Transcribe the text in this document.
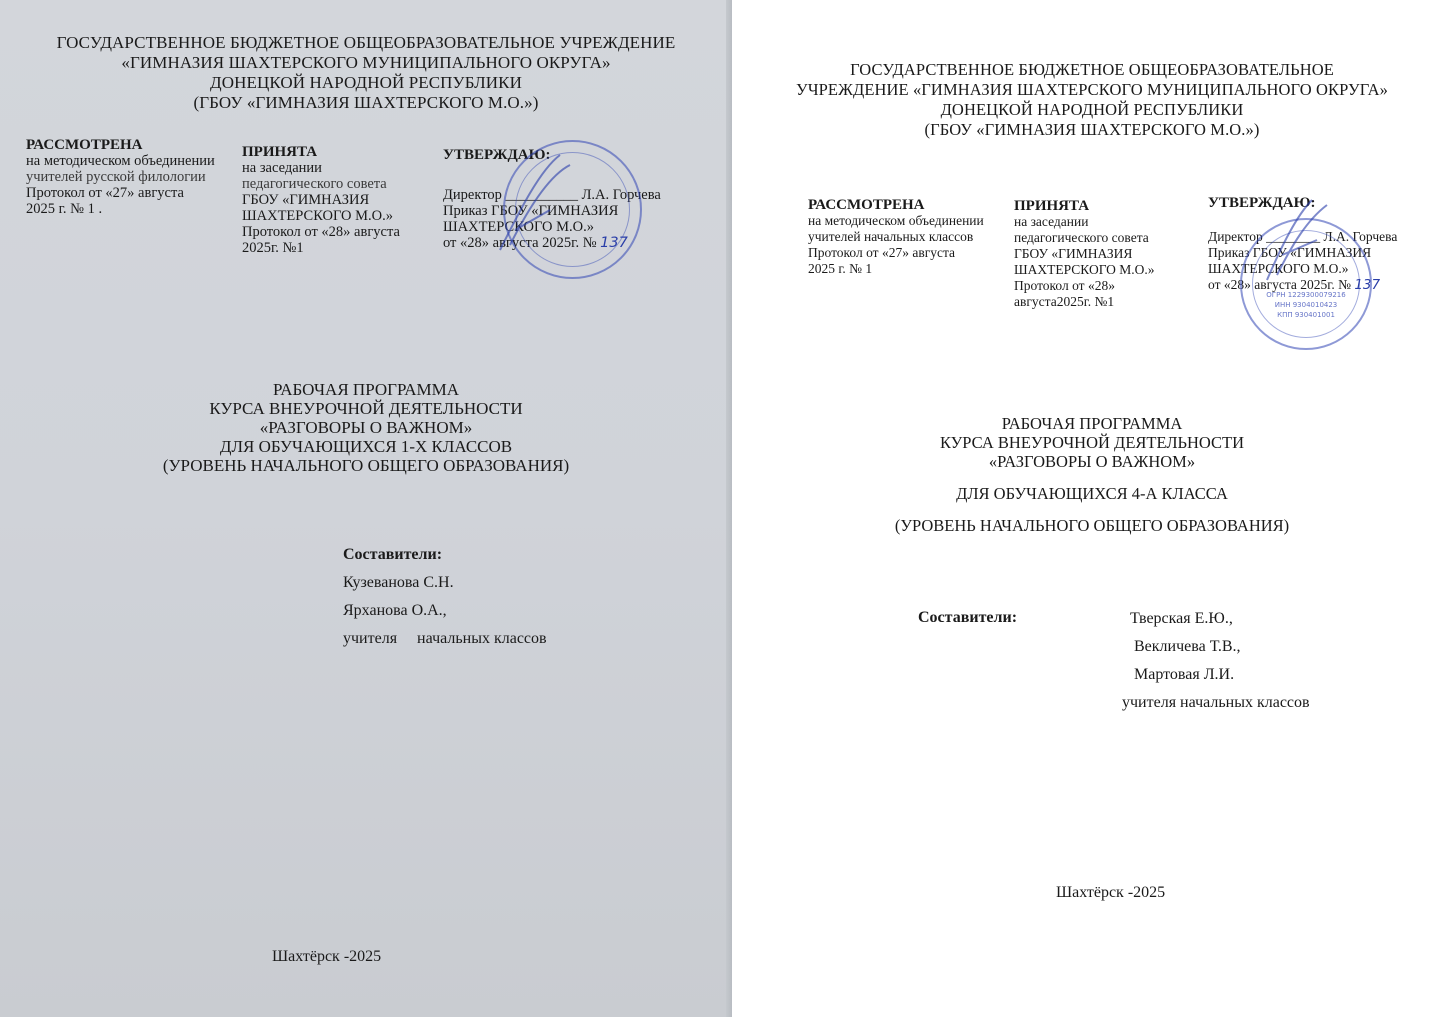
ГОСУДАРСТВЕННОЕ БЮДЖЕТНОЕ ОБЩЕОБРАЗОВАТЕЛЬНОЕ УЧРЕЖДЕНИЕ
«ГИМНАЗИЯ ШАХТЕРСКОГО МУНИЦИПАЛЬНОГО ОКРУГА»
ДОНЕЦКОЙ НАРОДНОЙ РЕСПУБЛИКИ
(ГБОУ «ГИМНАЗИЯ ШАХТЕРСКОГО М.О.»)
РАССМОТРЕНА
на методическом объединении
учителей русской филологии
Протокол от «27» августа
2025 г. № 1 .
ПРИНЯТА
на заседании
педагогического совета
ГБОУ «ГИМНАЗИЯ
ШАХТЕРСКОГО М.О.»
Протокол от «28» августа
2025г. №1
УТВЕРЖДАЮ:
Директор __________ Л.А. Горчева
Приказ ГБОУ «ГИМНАЗИЯ
ШАХТЕРСКОГО М.О.»
от «28» августа 2025г. № 137
РАБОЧАЯ ПРОГРАММА
КУРСА ВНЕУРОЧНОЙ ДЕЯТЕЛЬНОСТИ
«РАЗГОВОРЫ О ВАЖНОМ»
ДЛЯ ОБУЧАЮЩИХСЯ 1-Х КЛАССОВ
(УРОВЕНЬ НАЧАЛЬНОГО ОБЩЕГО ОБРАЗОВАНИЯ)
Составители:
Кузеванова С.Н.
Ярханова О.А.,
учителя     начальных классов
Шахтёрск -2025
ГОСУДАРСТВЕННОЕ БЮДЖЕТНОЕ ОБЩЕОБРАЗОВАТЕЛЬНОЕ
УЧРЕЖДЕНИЕ «ГИМНАЗИЯ ШАХТЕРСКОГО МУНИЦИПАЛЬНОГО ОКРУГА»
ДОНЕЦКОЙ НАРОДНОЙ РЕСПУБЛИКИ
(ГБОУ «ГИМНАЗИЯ ШАХТЕРСКОГО М.О.»)
РАССМОТРЕНА
на методическом объединении
учителей начальных классов
Протокол от «27» августа
2025 г. № 1
ПРИНЯТА
на заседании
педагогического совета
ГБОУ «ГИМНАЗИЯ
ШАХТЕРСКОГО М.О.»
Протокол от «28»
августа2025г. №1
УТВЕРЖДАЮ:
Директор ________ Л.А. Горчева
Приказ ГБОУ «ГИМНАЗИЯ
ШАХТЕРСКОГО М.О.»
от «28» августа 2025г. № 137
ОГРН 1229300079216
ИНН 9304010423
КПП 930401001
РАБОЧАЯ ПРОГРАММА
КУРСА ВНЕУРОЧНОЙ ДЕЯТЕЛЬНОСТИ
«РАЗГОВОРЫ О ВАЖНОМ»
ДЛЯ ОБУЧАЮЩИХСЯ 4-А КЛАССА
(УРОВЕНЬ НАЧАЛЬНОГО ОБЩЕГО ОБРАЗОВАНИЯ)
Составители:	Тверская Е.Ю.,
Векличева Т.В.,
Мартовая Л.И.
учителя начальных классов
Шахтёрск -2025
